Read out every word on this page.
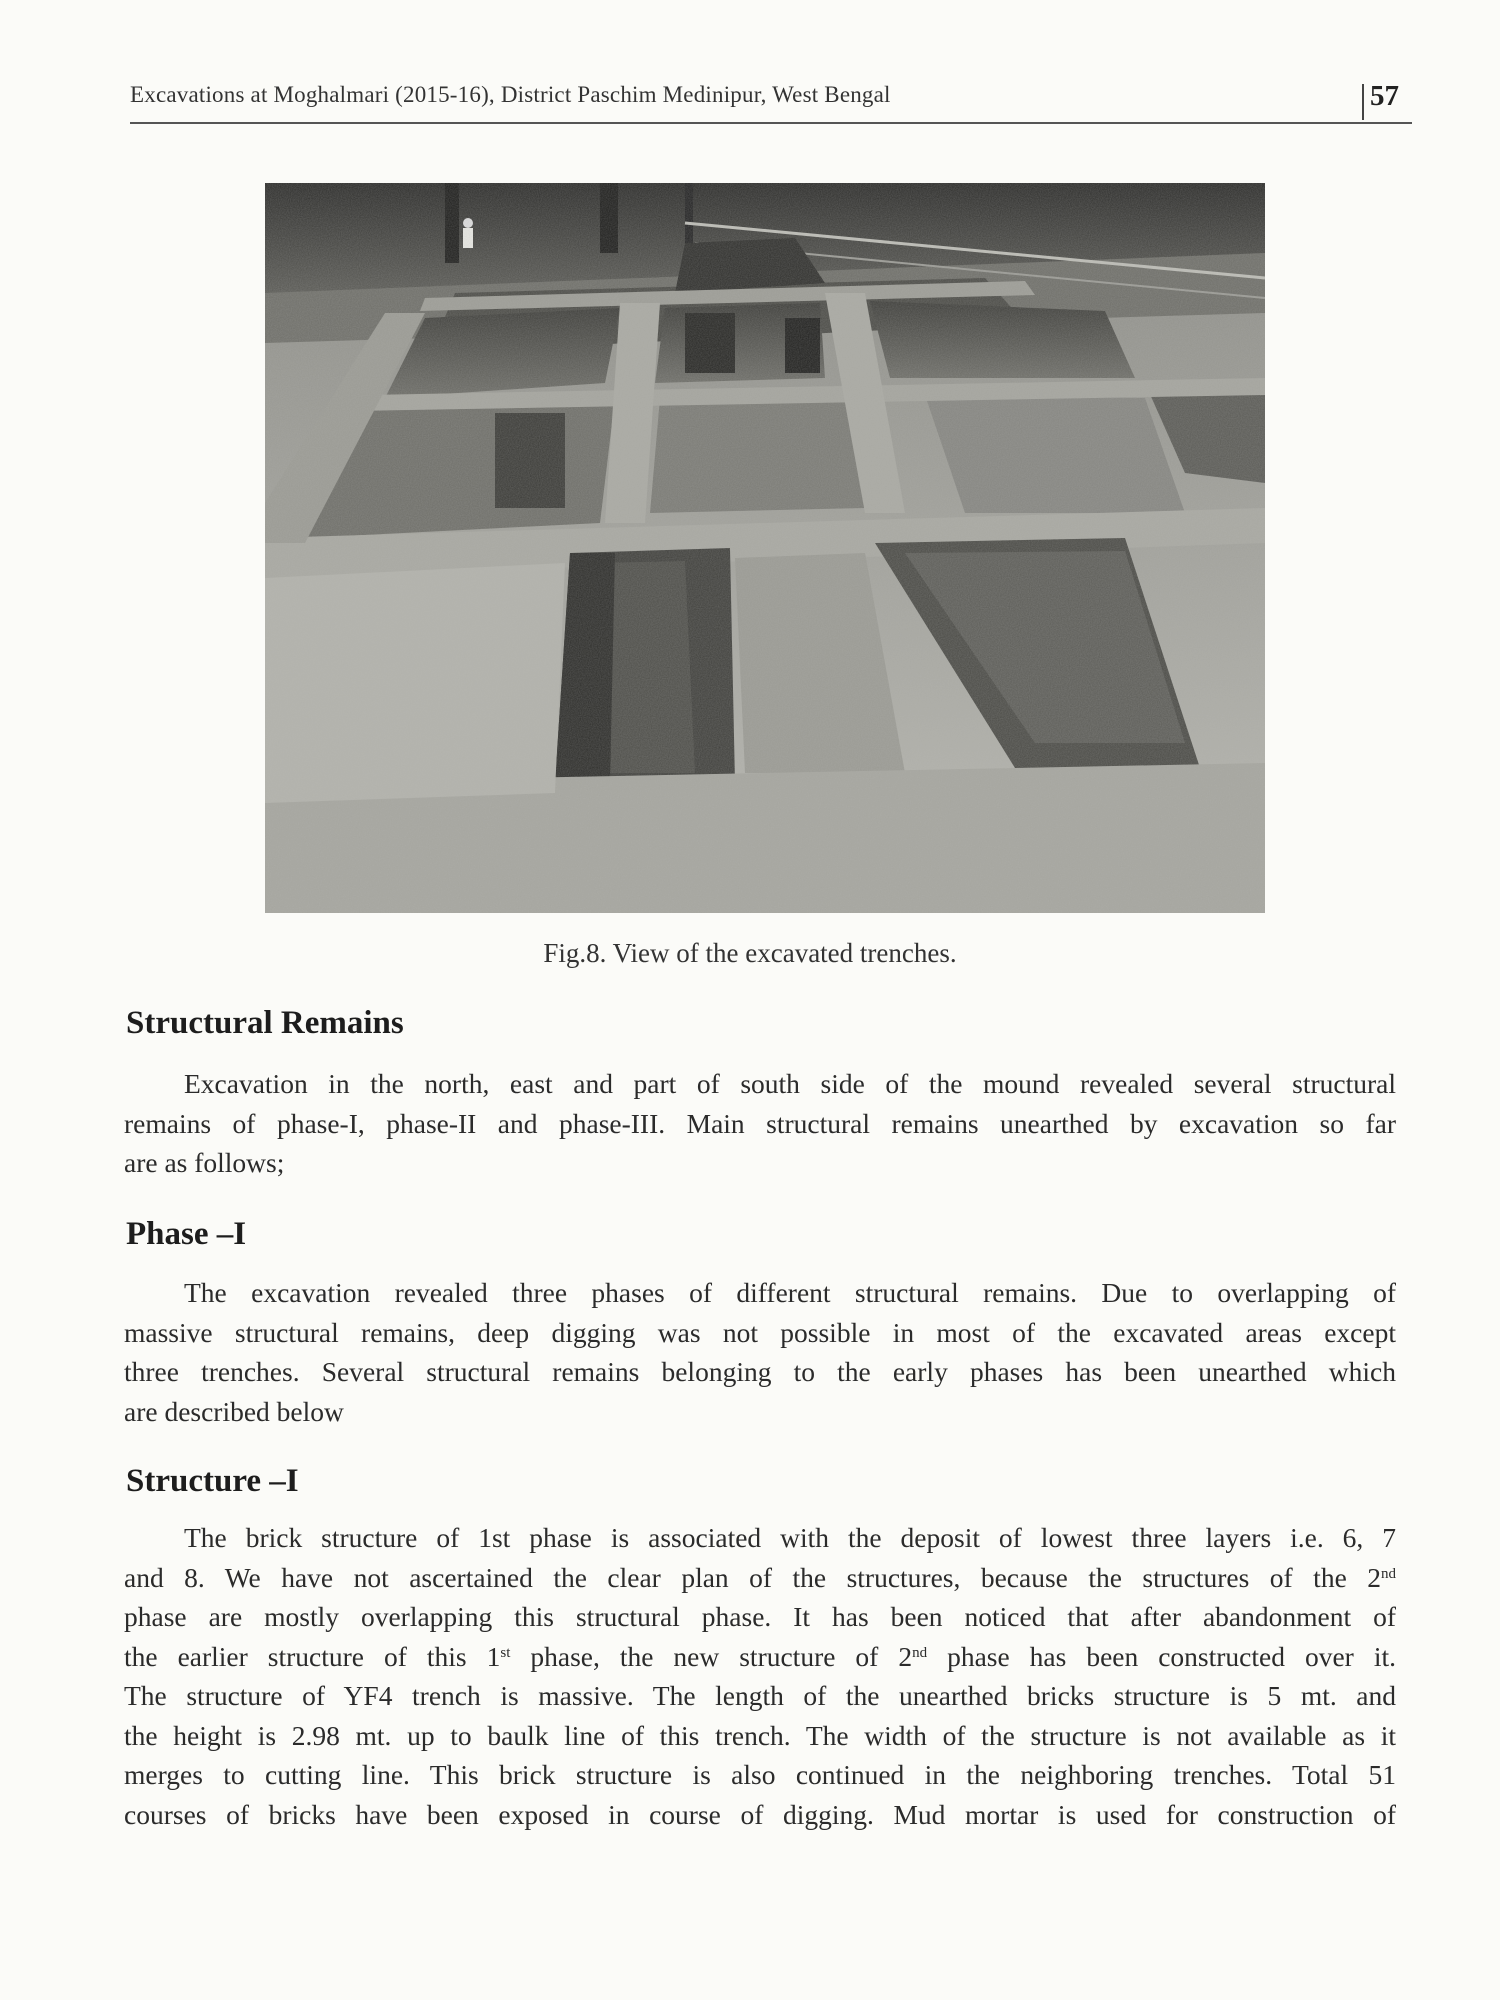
Excavations at Moghalmari (2015-16), District Paschim Medinipur, West Bengal	57
Fig.8. View of the excavated trenches.
Structural Remains
Excavation in the north, east and part of south side of the mound revealed several structural
remains of phase-I, phase-II and phase-III. Main structural remains unearthed by excavation so far
are as follows;
Phase –I
The excavation revealed three phases of different structural remains. Due to overlapping of
massive structural remains, deep digging was not possible in most of the excavated areas except
three trenches. Several structural remains belonging to the early phases has been unearthed which
are described below
Structure –I
The brick structure of 1st phase is associated with the deposit of lowest three layers i.e. 6, 7
and 8. We have not ascertained the clear plan of the structures, because the structures of the 2nd
phase are mostly overlapping this structural phase. It has been noticed that after abandonment of
the earlier structure of this 1st phase, the new structure of 2nd phase has been constructed over it.
The structure of YF4 trench is massive. The length of the unearthed bricks structure is 5 mt. and
the height is 2.98 mt. up to baulk line of this trench. The width of the structure is not available as it
merges to cutting line. This brick structure is also continued in the neighboring trenches. Total 51
courses of bricks have been exposed in course of digging. Mud mortar is used for construction of
